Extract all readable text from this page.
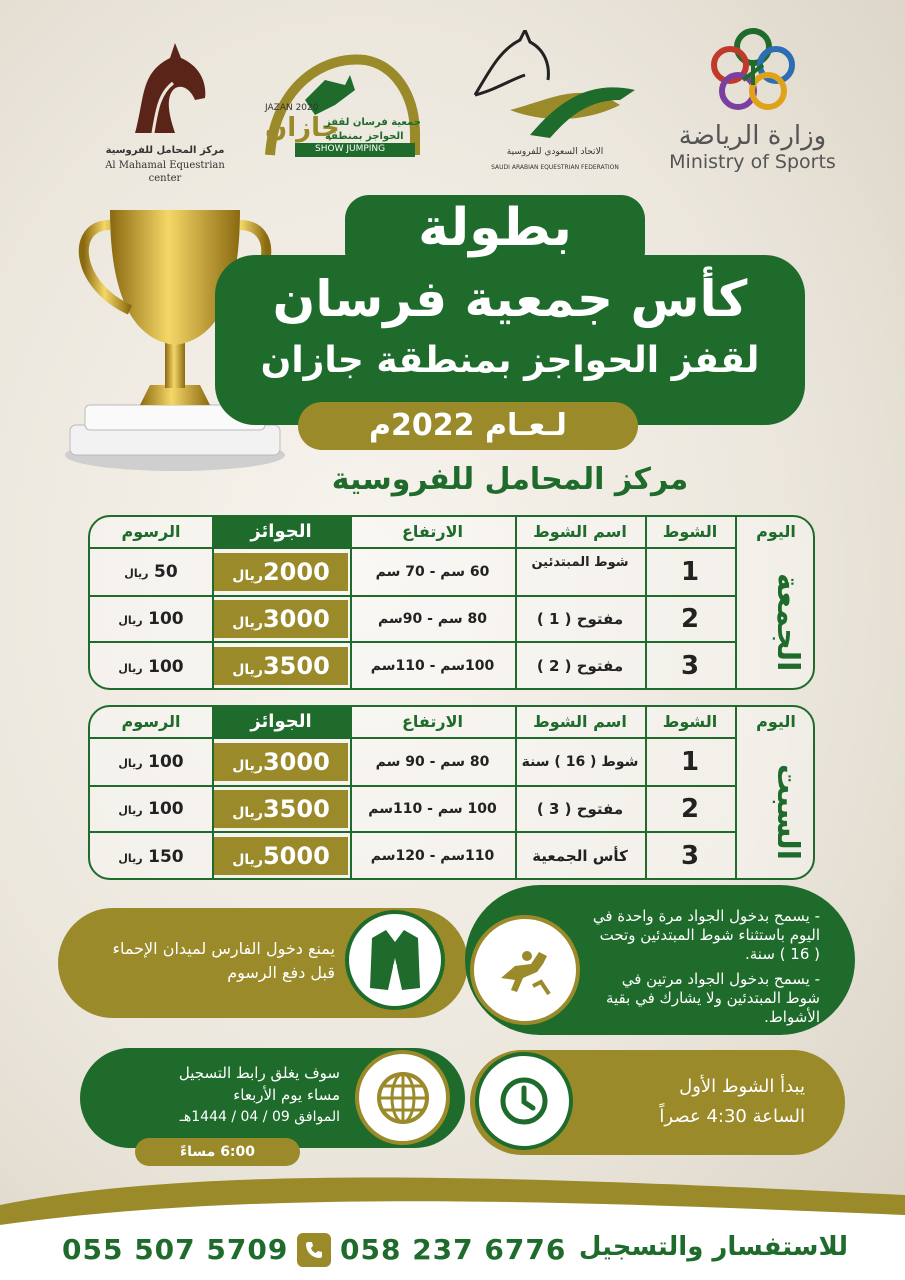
مركز المحامل للفروسية
Al Mahamal Equestrian center
JAZAN 2020
جازان
جمعية فرسان لقفز
الحواجز بمنطقة
SHOW JUMPING	الاتحاد السعودي للفروسية
SAUDI ARABIAN EQUESTRIAN FEDERATION
وزارة الرياضة
Ministry of Sports
بطولة
كأس جمعية فرسان
لقفز الحواجز بمنطقة جازان
لـعـام 2022م
مركز المحامل للفروسية
اليوم
الشوط
اسم الشوط
الارتفاع
الجوائز
الرسوم
الجمعة
1
شوط المبتدئين
60 سم - 70 سم
2000ريال
50 ريال
2
مفتوح ( 1 )
80 سم - 90سم
3000ريال
100 ريال
3
مفتوح ( 2 )
100سم - 110سم
3500ريال
100 ريال
اليوم
الشوط
اسم الشوط
الارتفاع
الجوائز
الرسوم
السبت
1
شوط ( 16 ) سنة
80 سم - 90 سم
3000ريال
100 ريال
2
مفتوح ( 3 )
100 سم - 110سم
3500ريال
100 ريال
3
كأس الجمعية
110سم - 120سم
5000ريال
150 ريال
يمنع دخول الفارس لميدان الإحماء قبل دفع الرسوم
- يسمح بدخول الجواد مرة واحدة في اليوم باستثناء شوط المبتدئين وتحت ( 16 ) سنة.
- يسمح بدخول الجواد مرتين في شوط المبتدئين ولا يشارك في بقية الأشواط.
سوف يغلق رابط التسجيل
مساء يوم الأربعاء
الموافق 09 / 04 / 1444هـ
6:00 مساءً
يبدأ الشوط الأول
الساعة 4:30 عصراً
للاستفسار والتسجيل
058 237 6776
055 507 5709
